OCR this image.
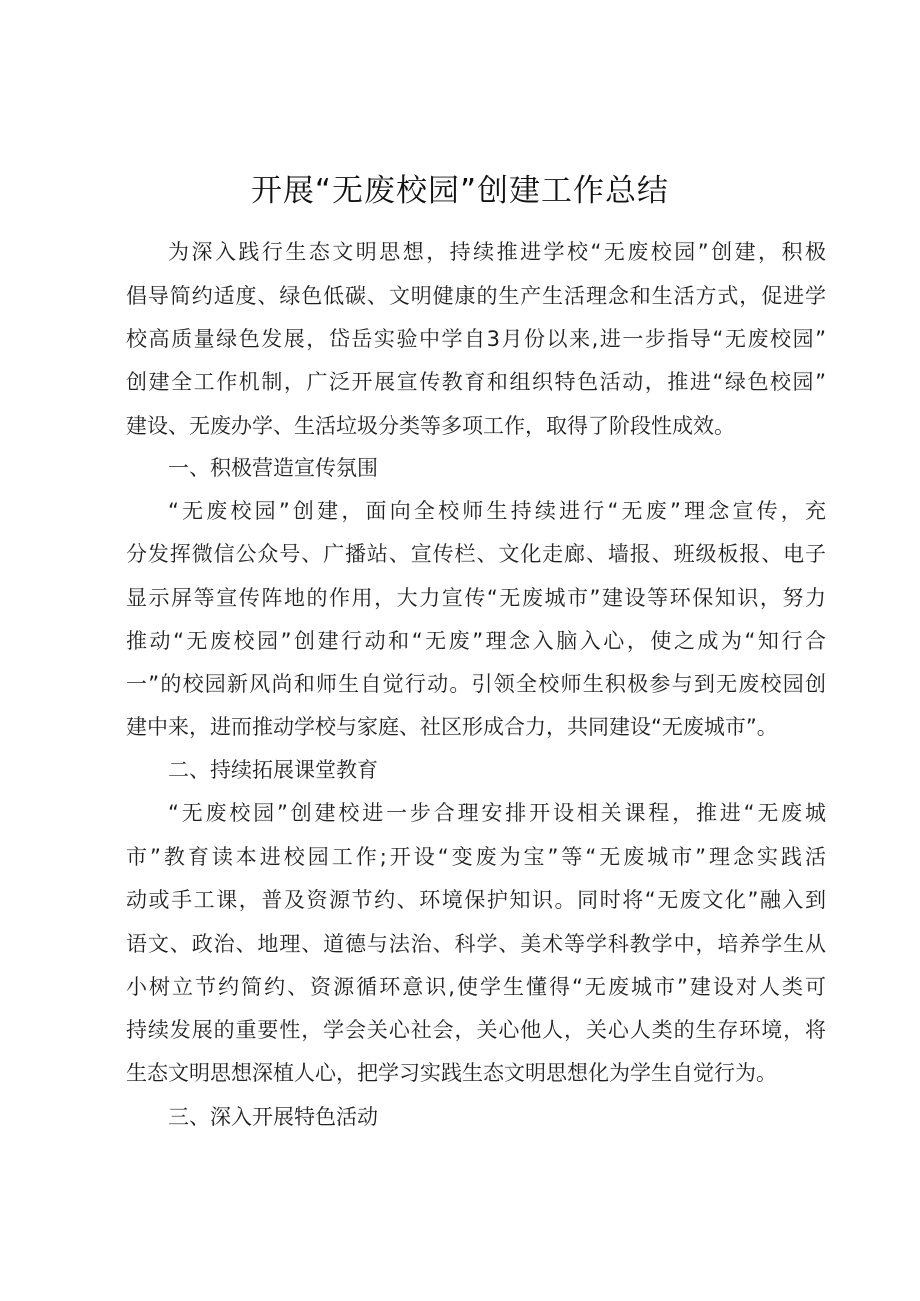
开展“无废校园”创建工作总结
为深入践行生态文明思想，持续推进学校“无废校园”创建，积极
倡导简约适度、绿色低碳、文明健康的生产生活理念和生活方式，促进学
校高质量绿色发展，岱岳实验中学自3月份以来,进一步指导“无废校园”
创建全工作机制，广泛开展宣传教育和组织特色活动，推进“绿色校园”
建设、无废办学、生活垃圾分类等多项工作，取得了阶段性成效。
一、积极营造宣传氛围
“无废校园”创建，面向全校师生持续进行“无废”理念宣传，充
分发挥微信公众号、广播站、宣传栏、文化走廊、墙报、班级板报、电子
显示屏等宣传阵地的作用，大力宣传“无废城市”建设等环保知识，努力
推动“无废校园”创建行动和“无废”理念入脑入心，使之成为“知行合
一”的校园新风尚和师生自觉行动。引领全校师生积极参与到无废校园创
建中来，进而推动学校与家庭、社区形成合力，共同建设“无废城市”。
二、持续拓展课堂教育
“无废校园”创建校进一步合理安排开设相关课程，推进“无废城
市”教育读本进校园工作;开设“变废为宝”等“无废城市”理念实践活
动或手工课，普及资源节约、环境保护知识。同时将“无废文化”融入到
语文、政治、地理、道德与法治、科学、美术等学科教学中，培养学生从
小树立节约简约、资源循环意识,使学生懂得“无废城市”建设对人类可
持续发展的重要性，学会关心社会，关心他人，关心人类的生存环境，将
生态文明思想深植人心，把学习实践生态文明思想化为学生自觉行为。
三、深入开展特色活动
